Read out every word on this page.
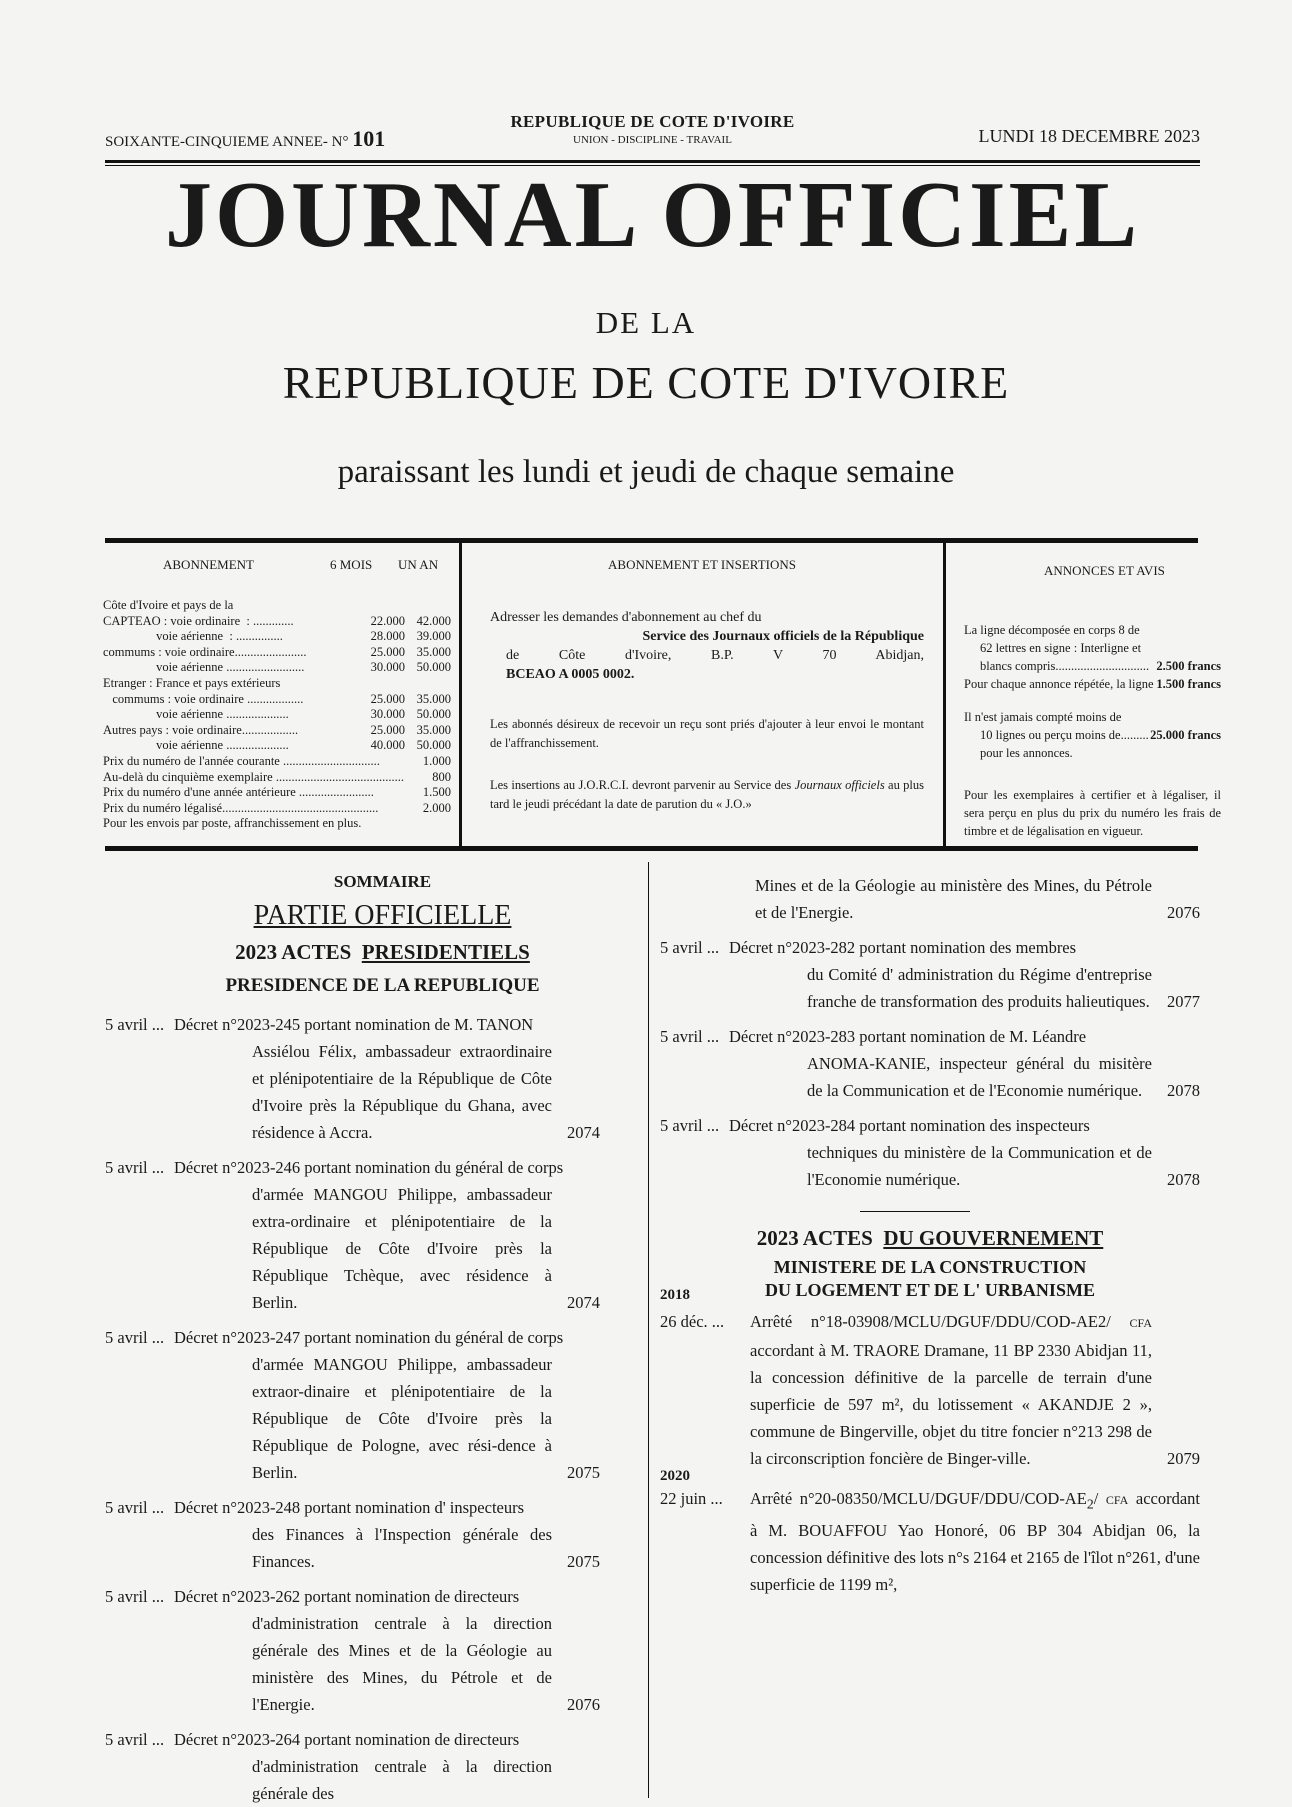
SOIXANTE-CINQUIEME ANNEE- N° 101
REPUBLIQUE DE COTE D'IVOIRE
UNION - DISCIPLINE - TRAVAIL	LUNDI 18 DECEMBRE 2023
JOURNAL OFFICIEL
DE LA
REPUBLIQUE DE COTE D'IVOIRE
paraissant les lundi et jeudi de chaque semaine
ABONNEMENT	6 MOIS UN AN
Côte d'Ivoire et pays de la
CAPTEAO : voie ordinaire  : .............	22.000 42.000
voie aérienne  : ...............	28.000 39.000
commums : voie ordinaire.......................	25.000 35.000
voie aérienne .........................	30.000 50.000
Etranger : France et pays extérieurs
commums : voie ordinaire ..................	25.000 35.000
voie aérienne ....................	30.000 50.000
Autres pays : voie ordinaire..................	25.000 35.000
voie aérienne ....................	40.000 50.000
Prix du numéro de l'année courante ...............................	1.000
Au-delà du cinquième exemplaire ......................................... 800
Prix du numéro d'une année antérieure ........................	1.500
Prix du numéro légalisé..................................................	2.000
Pour les envois par poste, affranchissement en plus.
ABONNEMENT ET INSERTIONS
Adresser les demandes d'abonnement au chef du
Service des Journaux officiels de la République
de Côte d'Ivoire, B.P. V 70 Abidjan,
BCEAO A 0005 0002.
Les abonnés désireux de recevoir un reçu sont priés d'ajouter à leur envoi le montant de l'affranchissement.
Les insertions au J.O.R.C.I. devront parvenir au Service des Journaux officiels au plus tard le jeudi précédant la date de parution du « J.O.»
ANNONCES ET AVIS
La ligne décomposée en corps 8 de
62 lettres en signe : Interligne et
blancs compris.............................. 2.500 francs
Pour chaque annonce répétée, la ligne 1.500 francs
Il n'est jamais compté moins de
10 lignes ou perçu moins de......... 25.000 francs
pour les annonces.
Pour les exemplaires à certifier et à légaliser, il sera perçu en plus du prix du numéro les frais de timbre et de légalisation en vigueur.
SOMMAIRE
PARTIE OFFICIELLE
2023 ACTES PRESIDENTIELS
PRESIDENCE DE LA REPUBLIQUE
5 avril ... Décret n°2023-245 portant nomination de M. TANON
Assiélou Félix, ambassadeur extraordinaire et plénipotentiaire de la République de Côte d'Ivoire près la République du Ghana, avec résidence à Accra.	2074
5 avril ... Décret n°2023-246 portant nomination du général de corps
d'armée MANGOU Philippe, ambassadeur extra-ordinaire et plénipotentiaire de la République de Côte d'Ivoire près la République Tchèque, avec résidence à Berlin.	2074
5 avril ... Décret n°2023-247 portant nomination du général de corps
d'armée MANGOU Philippe, ambassadeur extraor-dinaire et plénipotentiaire de la République de Côte d'Ivoire près la République de Pologne, avec rési-dence à Berlin.	2075
5 avril ... Décret n°2023-248 portant nomination d' inspecteurs
des Finances à l'Inspection générale des Finances.	2075
5 avril ... Décret n°2023-262 portant nomination de directeurs
d'administration centrale à la direction générale des Mines et de la Géologie au ministère des Mines, du Pétrole et de l'Energie.	2076
5 avril ... Décret n°2023-264 portant nomination de directeurs
d'administration centrale à la direction générale des
Mines et de la Géologie au ministère des Mines, du Pétrole et de l'Energie.	2076
5 avril ... Décret n°2023-282 portant nomination des membres
du Comité d' administration du Régime d'entreprise franche de transformation des produits halieutiques. 2077
5 avril ... Décret n°2023-283 portant nomination de M. Léandre
ANOMA-KANIE, inspecteur général du misitère de la Communication et de l'Economie numérique.	2078
5 avril ... Décret n°2023-284 portant nomination des inspecteurs
techniques du ministère de la Communication et de l'Economie numérique.	2078
2023 ACTES DU GOUVERNEMENT
MINISTERE DE LA CONSTRUCTION
DU LOGEMENT ET DE L' URBANISME
2018
26 déc. ... Arrêté n°18-03908/MCLU/DGUF/DDU/COD-AE2/ CFA accordant à M. TRAORE Dramane, 11 BP 2330 Abidjan 11, la concession définitive de la parcelle de terrain d'une superficie de 597 m², du lotissement « AKANDJE 2 », commune de Bingerville, objet du titre foncier n°213 298 de la circonscription foncière de Binger-ville.	2079
2020
22 juin ... Arrêté $n^\circ 20-08350/MCLU/DGUF/DDU/COD-AE_2/$ CFA accordant à M. BOUAFFOU Yao Honoré, 06 BP 304 Abidjan 06, la concession définitive des lots n°s 2164 et 2165 de l'îlot n°261, d'une superficie de 1199 m²,
